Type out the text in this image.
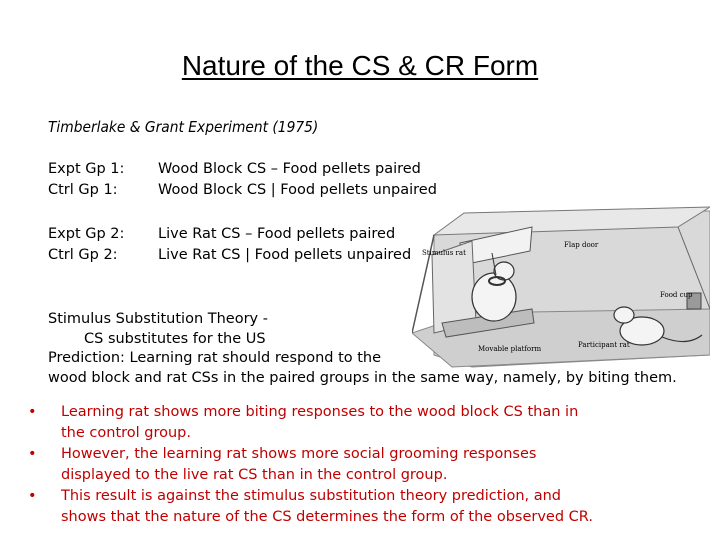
Nature of the CS & CR Form
Timberlake & Grant Experiment (1975)
Expt Gp 1: Wood Block CS – Food pellets paired
Ctrl Gp 1:	Wood Block CS | Food pellets unpaired
Expt Gp 2: Live Rat CS – Food pellets paired
Ctrl Gp 2:	Live Rat CS | Food pellets unpaired Stimulus rat
Flap door
Food cup
Movable platform	Participant rat
Stimulus Substitution Theory -
CS substitutes for the US
Prediction: Learning rat should respond to the
wood block and rat CSs in the paired groups in the same way, namely, by biting them.
• Learning rat shows more biting responses to the wood block CS than in
the control group.
• However, the learning rat shows more social grooming responses
displayed to the live rat CS than in the control group.
• This result is against the stimulus substitution theory prediction, and
shows that the nature of the CS determines the form of the observed CR.
